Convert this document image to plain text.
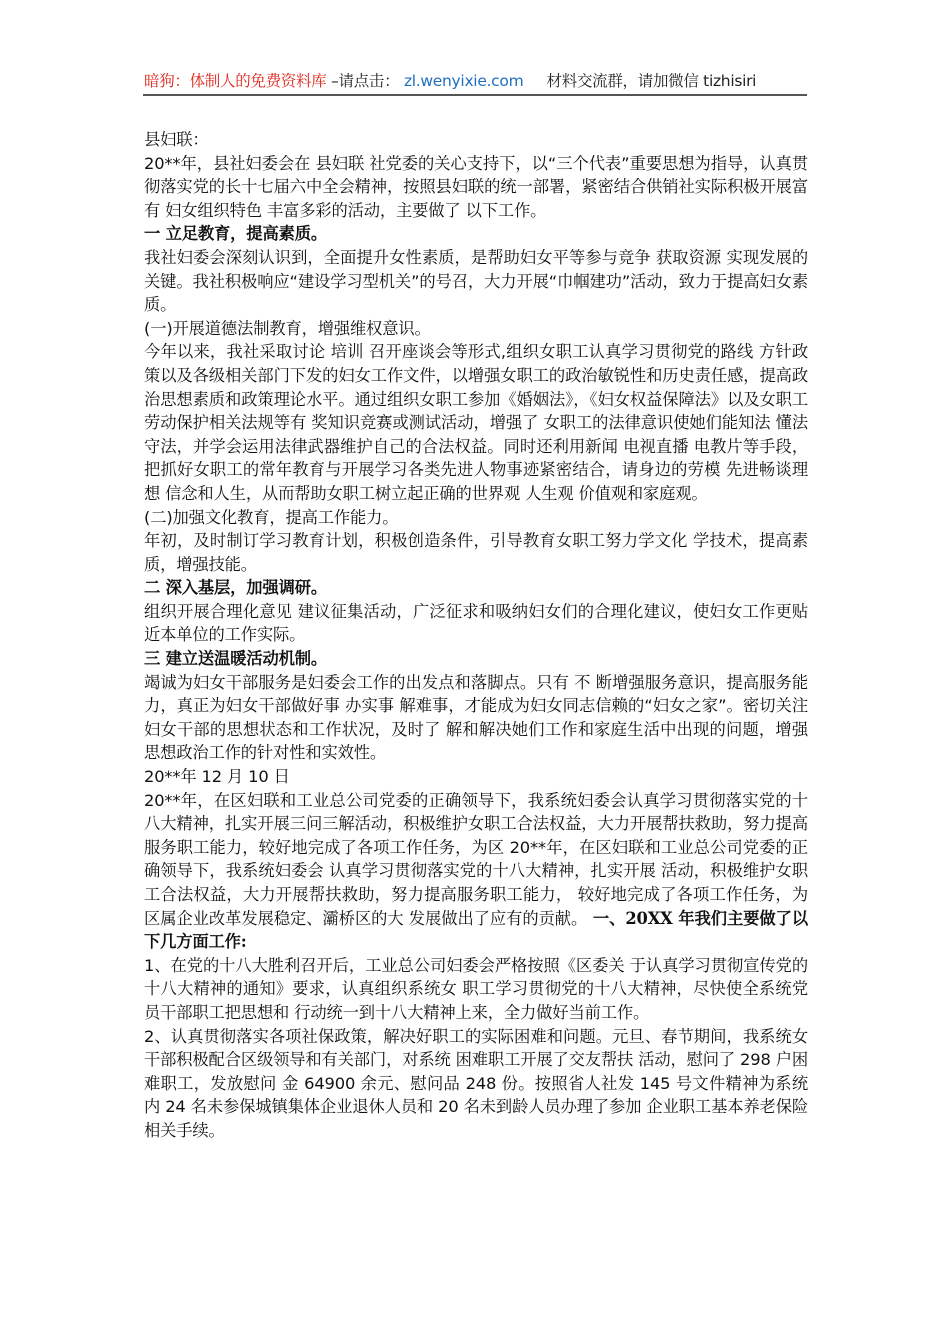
暗狗：体制人的免费资料库 –请点击： zl.wenyixie.com 材料交流群，请加微信 tizhisiri

县妇联：

20**年，县社妇委会在 县妇联 社党委的关心支持下，以“三个代表”重要思想为指导，认真贯彻落实党的长十七届六中全会精神，按照县妇联的统一部署，紧密结合供销社实际积极开展富有 妇女组织特色 丰富多彩的活动，主要做了 以下工作。

一 立足教育，提高素质。

我社妇委会深刻认识到，全面提升女性素质，是帮助妇女平等参与竞争 获取资源 实现发展的关键。我社积极响应“建设学习型机关”的号召，大力开展“巾帼建功”活动，致力于提高妇女素质。

(一)开展道德法制教育，增强维权意识。

今年以来，我社采取讨论 培训 召开座谈会等形式,组织女职工认真学习贯彻党的路线 方针政策以及各级相关部门下发的妇女工作文件，以增强女职工的政治敏锐性和历史责任感，提高政治思想素质和政策理论水平。通过组织女职工参加《婚姻法》，《妇女权益保障法》以及女职工劳动保护相关法规等有 奖知识竞赛或测试活动，增强了 女职工的法律意识使她们能知法 懂法 守法，并学会运用法律武器维护自己的合法权益。同时还利用新闻 电视直播 电教片等手段，把抓好女职工的常年教育与开展学习各类先进人物事迹紧密结合，请身边的劳模 先进畅谈理想 信念和人生，从而帮助女职工树立起正确的世界观 人生观 价值观和家庭观。

(二)加强文化教育，提高工作能力。

年初，及时制订学习教育计划，积极创造条件，引导教育女职工努力学文化 学技术，提高素质，增强技能。

二 深入基层，加强调研。

组织开展合理化意见 建议征集活动，广泛征求和吸纳妇女们的合理化建议，使妇女工作更贴近本单位的工作实际。

三 建立送温暖活动机制。

竭诚为妇女干部服务是妇委会工作的出发点和落脚点。只有 不 断增强服务意识，提高服务能力，真正为妇女干部做好事 办实事 解难事，才能成为妇女同志信赖的“妇女之家”。密切关注妇女干部的思想状态和工作状况，及时了 解和解决她们工作和家庭生活中出现的问题，增强思想政治工作的针对性和实效性。

20**年 12 月 10 日

20**年，在区妇联和工业总公司党委的正确领导下，我系统妇委会认真学习贯彻落实党的十八大精神，扎实开展三问三解活动，积极维护女职工合法权益，大力开展帮扶救助，努力提高服务职工能力，较好地完成了各项工作任务，为区 20**年，在区妇联和工业总公司党委的正确领导下，我系统妇委会 认真学习贯彻落实党的十八大精神，扎实开展 活动，积极维护女职工合法权益，大力开展帮扶救助，努力提高服务职工能力， 较好地完成了各项工作任务，为区属企业改革发展稳定、灞桥区的大 发展做出了应有的贡献。 一、20XX 年我们主要做了以下几方面工作:

1、在党的十八大胜利召开后，工业总公司妇委会严格按照《区委关 于认真学习贯彻宣传党的十八大精神的通知》要求，认真组织系统女 职工学习贯彻党的十八大精神，尽快使全系统党员干部职工把思想和 行动统一到十八大精神上来，全力做好当前工作。

2、认真贯彻落实各项社保政策，解决好职工的实际困难和问题。元旦、春节期间，我系统女干部积极配合区级领导和有关部门，对系统 困难职工开展了交友帮扶 活动，慰问了 298 户困难职工，发放慰问 金 64900 余元、慰问品 248 份。按照省人社发 145 号文件精神为系统 内 24 名未参保城镇集体企业退休人员和 20 名未到龄人员办理了参加 企业职工基本养老保险相关手续。
